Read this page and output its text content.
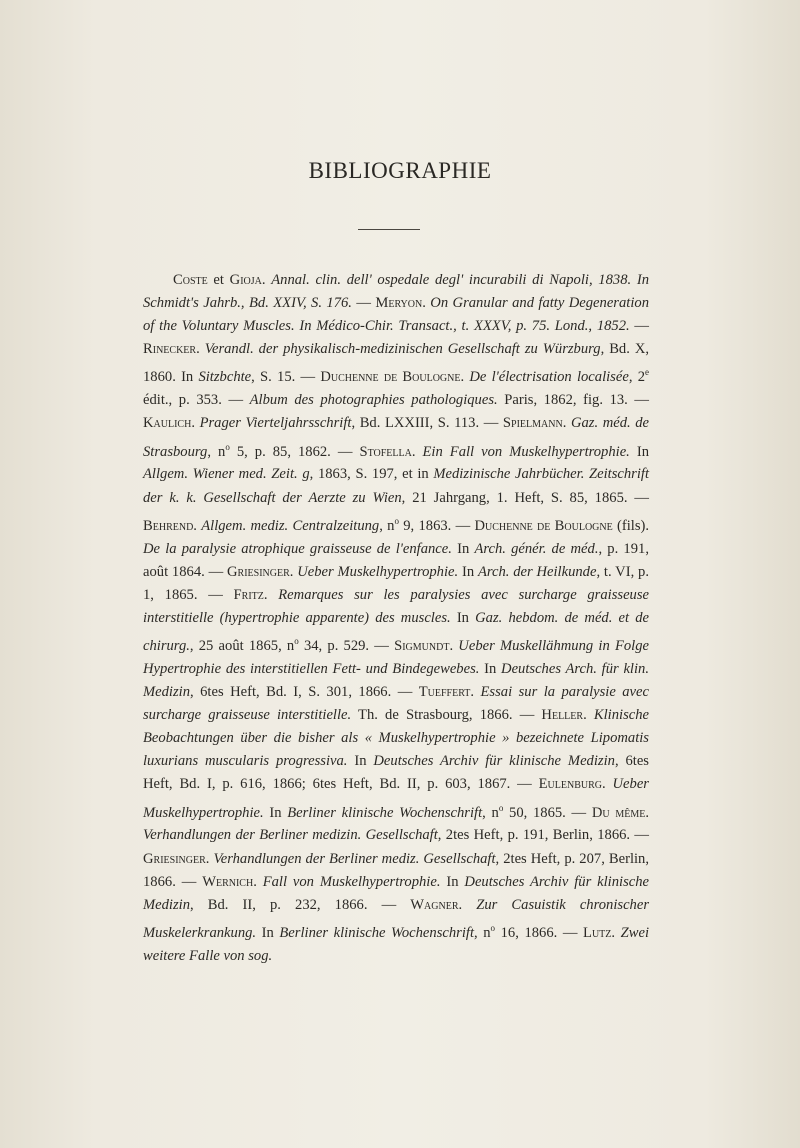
BIBLIOGRAPHIE

Coste et Gioja. Annal. clin. dell' ospedale degl' incurabili di Napoli, 1838. In Schmidt's Jahrb., Bd. XXIV, S. 176. — Meryon. On Granular and fatty Degeneration of the Voluntary Muscles. In Médico-Chir. Transact., t. XXXV, p. 75. Lond., 1852. — Rinecker. Verandl. der physikalisch-medizinischen Gesellschaft zu Würzburg, Bd. X, 1860. In Sitzbchte, S. 15. — Duchenne de Boulogne. De l'électrisation localisée, 2e édit., p. 353. — Album des photographies pathologiques. Paris, 1862, fig. 13. — Kaulich. Prager Vierteljahrsschrift, Bd. LXXIII, S. 113. — Spielmann. Gaz. méd. de Strasbourg, $n^o$ 5, p. 85, 1862. — Stofella. Ein Fall von Muskelhypertrophie. In Allgem. Wiener med. Zeit. g, 1863, S. 197, et in Medizinische Jahrbücher. Zeitschrift der k. k. Gesellschaft der Aerzte zu Wien, 21 Jahrgang, 1. Heft, S. 85, 1865. — Behrend. Allgem. mediz. Centralzeitung, $n^o$ 9, 1863. — Duchenne de Boulogne (fils). De la paralysie atrophique graisseuse de l'enfance. In Arch. génér. de méd., p. 191, août 1864. — Griesinger. Ueber Muskelhypertrophie. In Arch. der Heilkunde, t. VI, p. 1, 1865. — Fritz. Remarques sur les paralysies avec surcharge graisseuse interstitielle (hypertrophie apparente) des muscles. In Gaz. hebdom. de méd. et de chirurg., 25 août 1865, $n^o$ 34, p. 529. — Sigmundt. Ueber Muskellähmung in Folge Hypertrophie des interstitiellen Fett- und Bindegewebes. In Deutsches Arch. für klin. Medizin, 6tes Heft, Bd. I, S. 301, 1866. — Tueffert. Essai sur la paralysie avec surcharge graisseuse interstitielle. Th. de Strasbourg, 1866. — Heller. Klinische Beobachtungen über die bisher als « Muskelhypertrophie » bezeichnete Lipomatis luxurians muscularis progressiva. In Deutsches Archiv für klinische Medizin, 6tes Heft, Bd. I, p. 616, 1866; 6tes Heft, Bd. II, p. 603, 1867. — Eulenburg. Ueber Muskelhypertrophie. In Berliner klinische Wochenschrift, $n^o$ 50, 1865. — Du même. Verhandlungen der Berliner medizin. Gesellschaft, 2tes Heft, p. 191, Berlin, 1866. — Griesinger. Verhandlungen der Berliner mediz. Gesellschaft, 2tes Heft, p. 207, Berlin, 1866. — Wernich. Fall von Muskelhypertrophie. In Deutsches Archiv für klinische Medizin, Bd. II, p. 232, 1866. — Wagner. Zur Casuistik chronischer Muskelerkrankung. In Berliner klinische Wochenschrift, $n^o$ 16, 1866. — Lutz. Zwei weitere Falle von sog.
